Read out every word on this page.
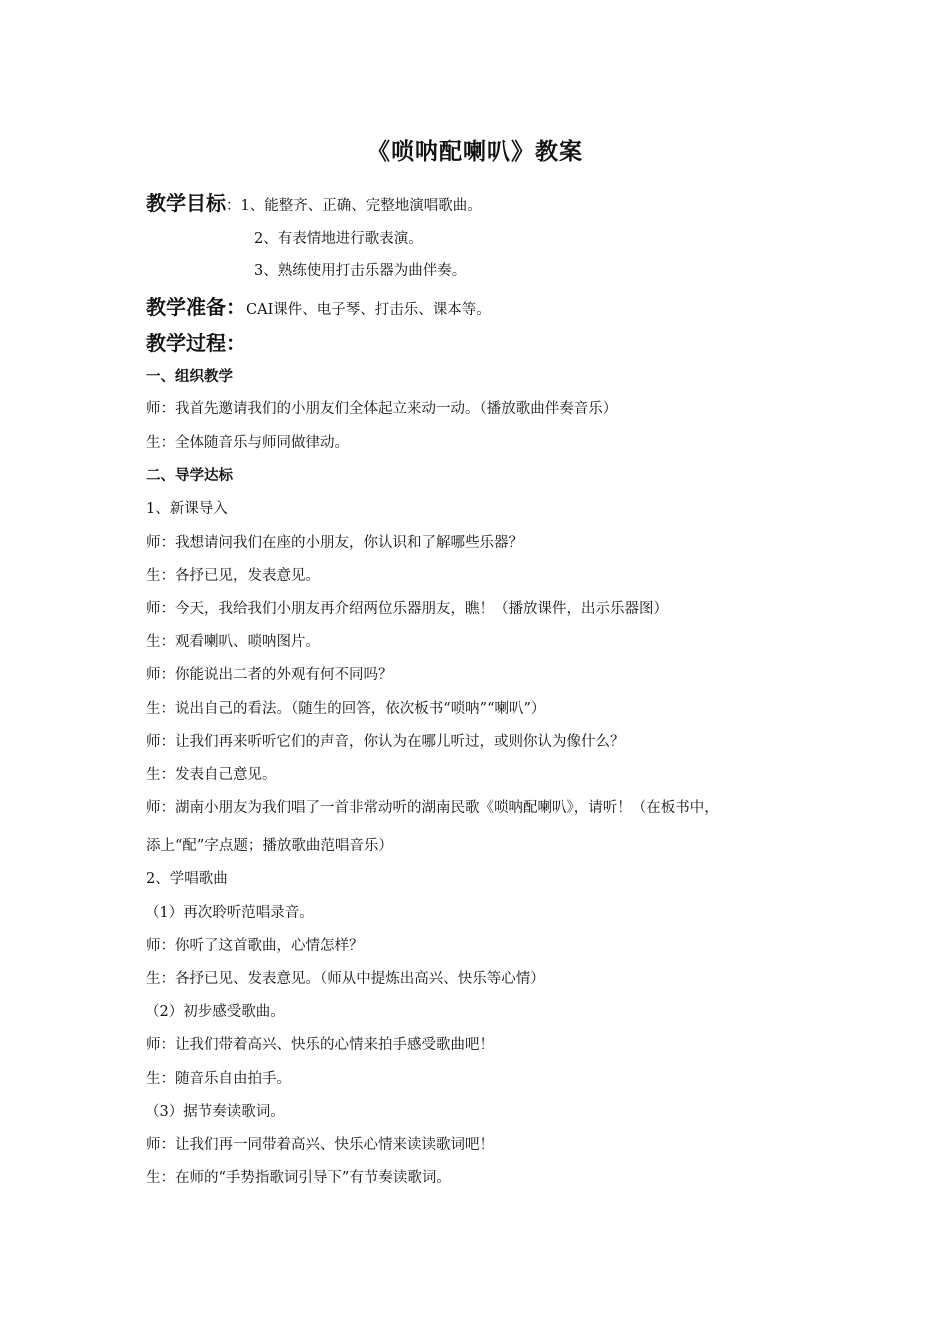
《唢呐配喇叭》教案
教学目标：1、能整齐、正确、完整地演唱歌曲。
2、有表情地进行歌表演。
3、熟练使用打击乐器为曲伴奏。
教学准备：CAI课件、电子琴、打击乐、课本等。
教学过程：
一、组织教学
师：我首先邀请我们的小朋友们全体起立来动一动。（播放歌曲伴奏音乐）
生：全体随音乐与师同做律动。
二、导学达标
1、新课导入
师：我想请问我们在座的小朋友，你认识和了解哪些乐器？
生：各抒已见，发表意见。
师：今天，我给我们小朋友再介绍两位乐器朋友，瞧！（播放课件，出示乐器图）
生：观看喇叭、唢呐图片。
师：你能说出二者的外观有何不同吗？
生：说出自己的看法。（随生的回答，依次板书“唢呐”“喇叭”）
师：让我们再来听听它们的声音，你认为在哪儿听过，或则你认为像什么？
生：发表自己意见。
师：湖南小朋友为我们唱了一首非常动听的湖南民歌《唢呐配喇叭》，请听！（在板书中，
添上“配”字点题；播放歌曲范唱音乐）
2、学唱歌曲
（1）再次聆听范唱录音。
师：你听了这首歌曲，心情怎样？
生：各抒已见、发表意见。（师从中提炼出高兴、快乐等心情）
（2）初步感受歌曲。
师：让我们带着高兴、快乐的心情来拍手感受歌曲吧！
生：随音乐自由拍手。
（3）据节奏读歌词。
师：让我们再一同带着高兴、快乐心情来读读歌词吧！
生：在师的“手势指歌词引导下”有节奏读歌词。
